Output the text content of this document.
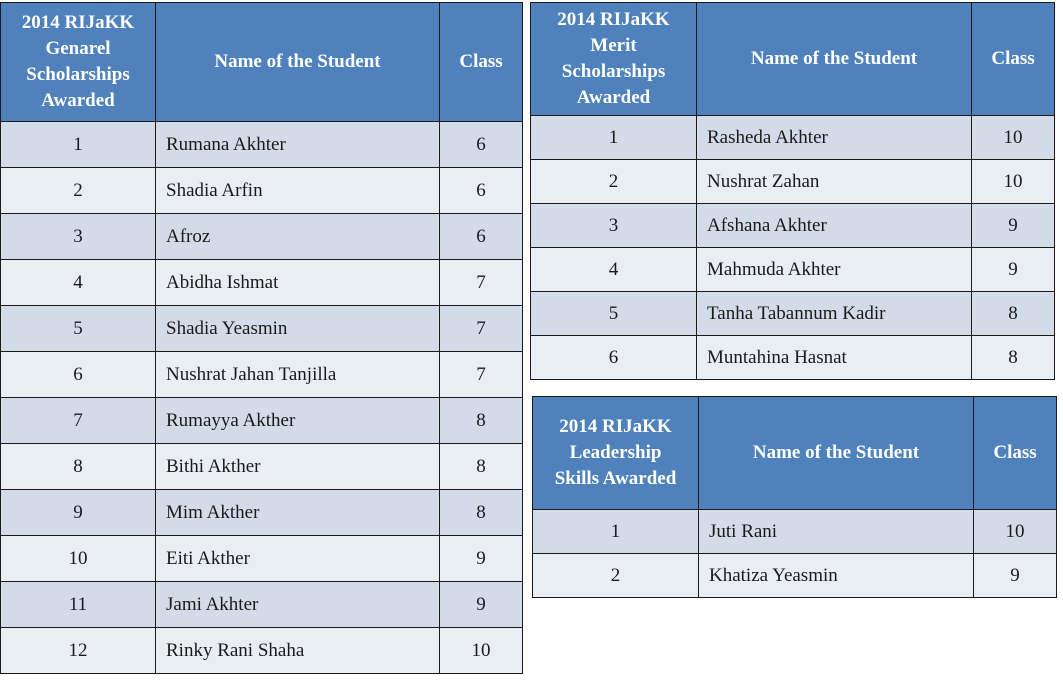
2014 RIJaKK Genarel Scholarships Awarded	Name of the Student	Class
1	Rumana Akhter	6
2	Shadia Arfin	6
3	Afroz	6
4	Abidha Ishmat	7
5	Shadia Yeasmin	7
6	Nushrat Jahan Tanjilla	7
7	Rumayya Akther	8
8	Bithi Akther	8
9	Mim Akther	8
10	Eiti Akther	9
11	Jami Akhter	9
12	Rinky Rani Shaha	10
2014 RIJaKK Merit Scholarships Awarded	Name of the Student	Class
1	Rasheda Akhter	10
2	Nushrat Zahan	10
3	Afshana Akhter	9
4	Mahmuda Akhter	9
5	Tanha Tabannum Kadir	8
6	Muntahina Hasnat	8
2014 RIJaKK Leadership Skills Awarded	Name of the Student	Class
1	Juti Rani	10
2	Khatiza Yeasmin	9
